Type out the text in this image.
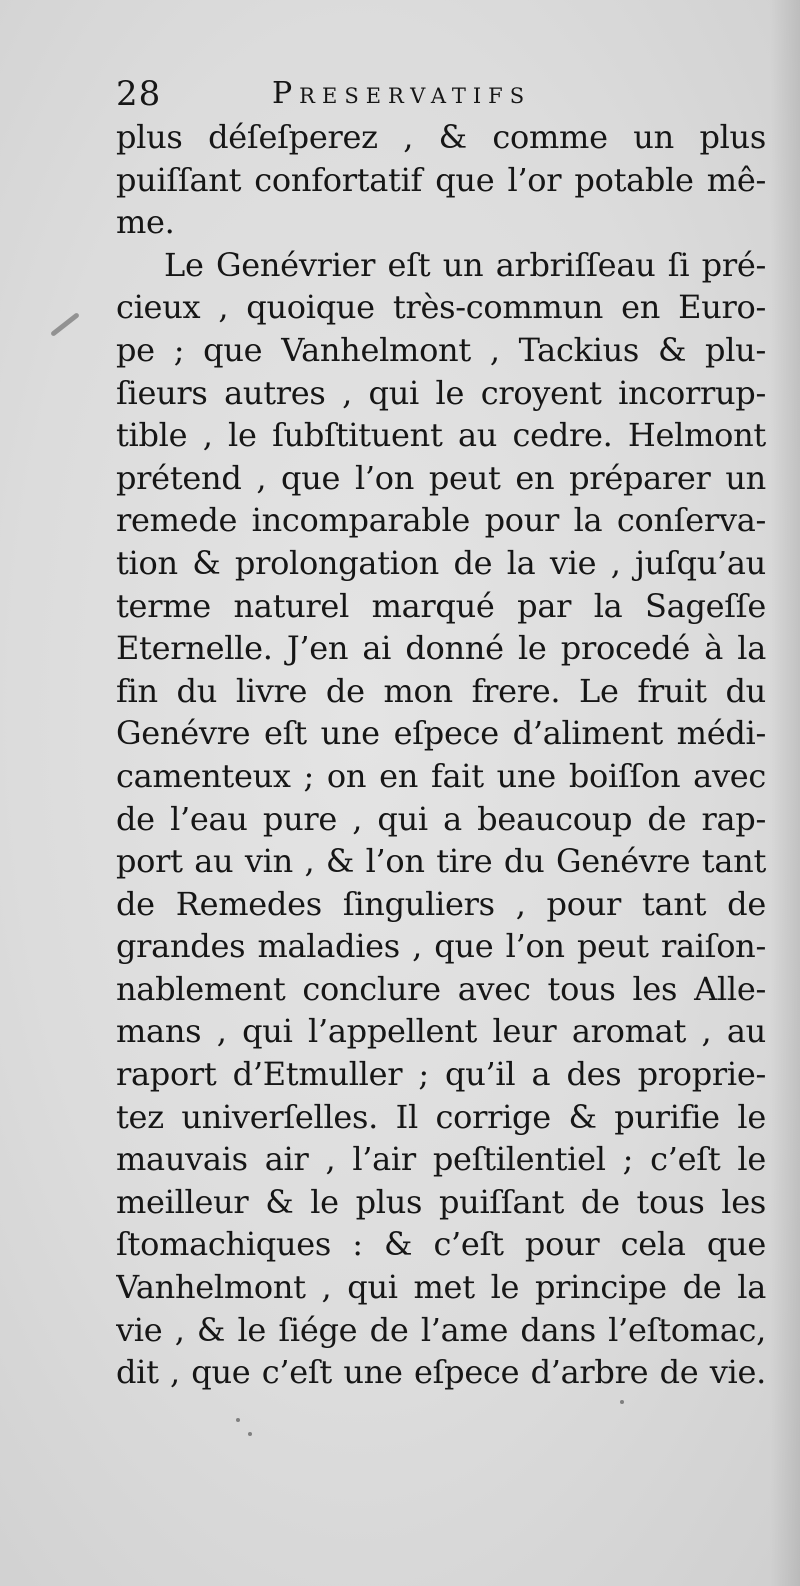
28	Preservatifs
plus déſeſperez , & comme un plus
puiſſant confortatif que l’or potable mê-
me.
Le Genévrier eſt un arbriſſeau ſi pré-
cieux , quoique très-commun en Euro-
pe ; que Vanhelmont , Tackius & plu-
ſieurs autres , qui le croyent incorrup-
tible , le ſubſtituent au cedre. Helmont
prétend , que l’on peut en préparer un
remede incomparable pour la conſerva-
tion & prolongation de la vie , juſqu’au
terme naturel marqué par la Sageſſe
Eternelle. J’en ai donné le procedé à la
fin du livre de mon frere. Le fruit du
Genévre eſt une eſpece d’aliment médi-
camenteux ; on en fait une boiſſon avec
de l’eau pure , qui a beaucoup de rap-
port au vin , & l’on tire du Genévre tant
de Remedes ſinguliers , pour tant de
grandes maladies , que l’on peut raiſon-
nablement conclure avec tous les Alle-
mans , qui l’appellent leur aromat , au
raport d’Etmuller ; qu’il a des proprie-
tez univerſelles. Il corrige & purifie le
mauvais air , l’air peſtilentiel ; c’eſt le
meilleur & le plus puiſſant de tous les
ſtomachiques : & c’eſt pour cela que
Vanhelmont , qui met le principe de la
vie , & le ſiége de l’ame dans l’eſtomac,
dit , que c’eſt une eſpece d’arbre de vie.
